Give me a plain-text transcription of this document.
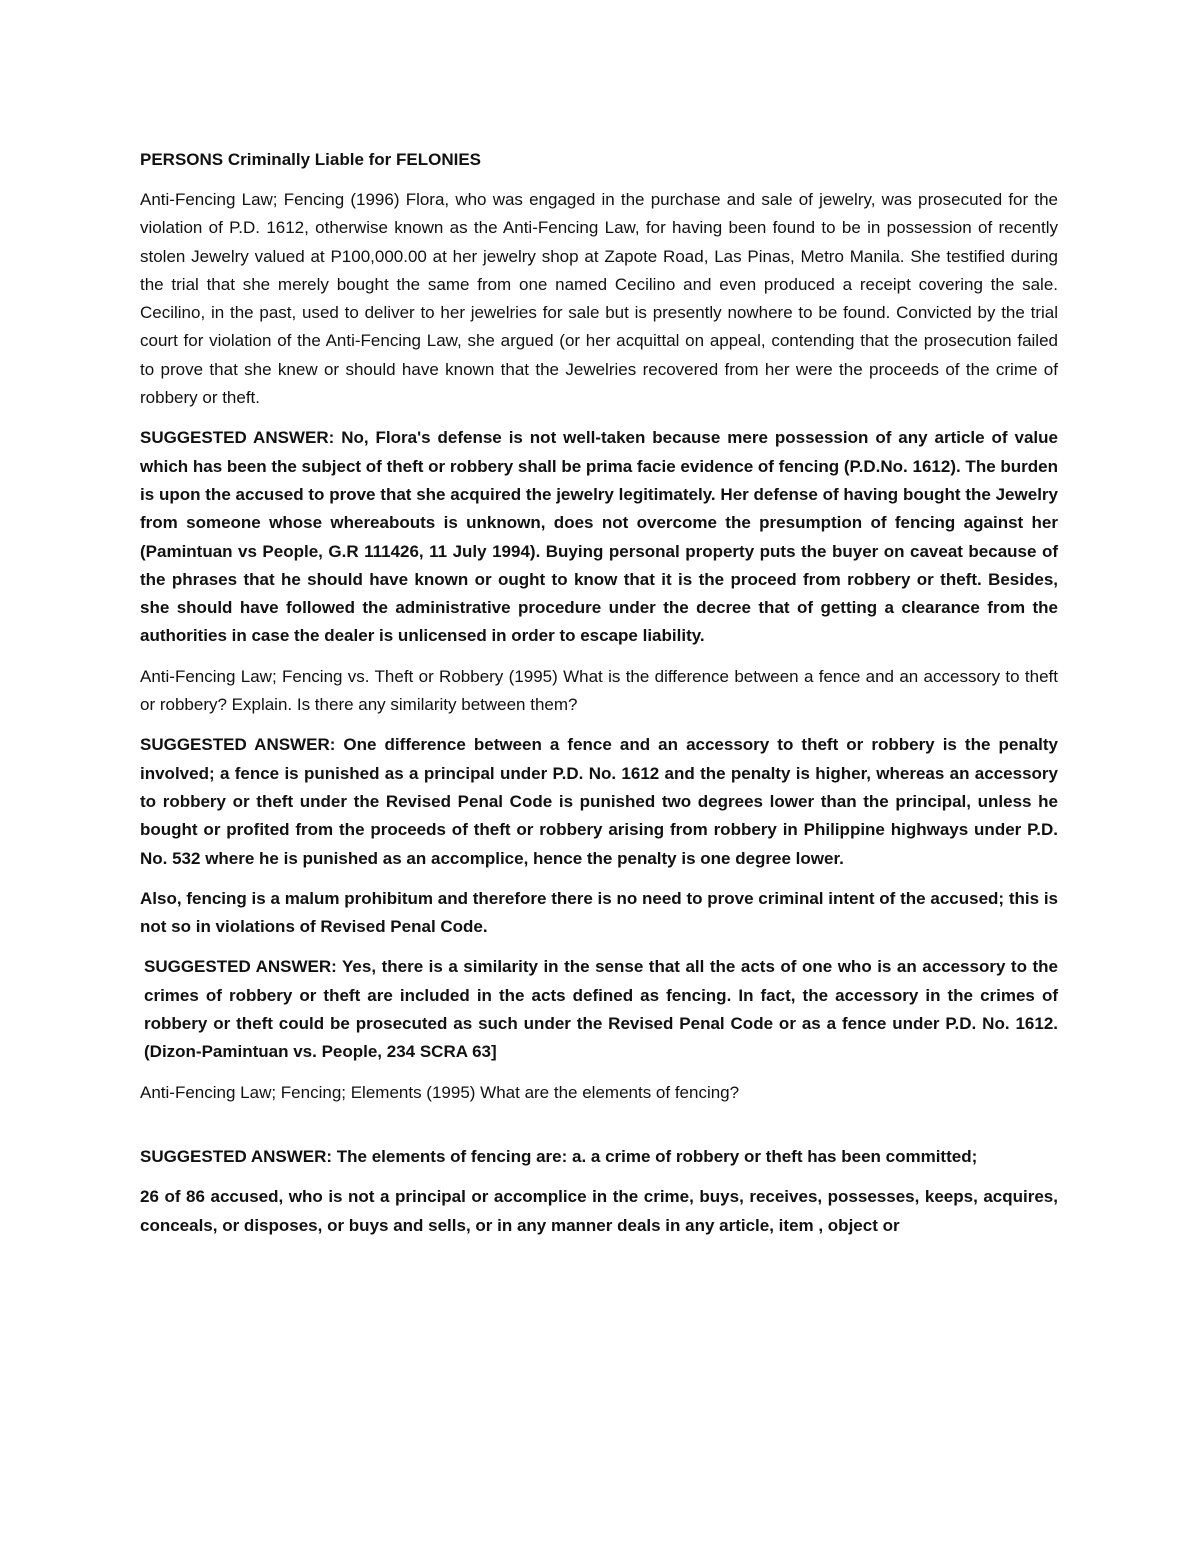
PERSONS Criminally Liable for FELONIES

Anti-Fencing Law; Fencing (1996) Flora, who was engaged in the purchase and sale of jewelry, was prosecuted for the violation of P.D. 1612, otherwise known as the Anti-Fencing Law, for having been found to be in possession of recently stolen Jewelry valued at P100,000.00 at her jewelry shop at Zapote Road, Las Pinas, Metro Manila. She testified during the trial that she merely bought the same from one named Cecilino and even produced a receipt covering the sale. Cecilino, in the past, used to deliver to her jewelries for sale but is presently nowhere to be found. Convicted by the trial court for violation of the Anti-Fencing Law, she argued (or her acquittal on appeal, contending that the prosecution failed to prove that she knew or should have known that the Jewelries recovered from her were the proceeds of the crime of robbery or theft.

SUGGESTED ANSWER: No, Flora's defense is not well-taken because mere possession of any article of value which has been the subject of theft or robbery shall be prima facie evidence of fencing (P.D.No. 1612). The burden is upon the accused to prove that she acquired the jewelry legitimately. Her defense of having bought the Jewelry from someone whose whereabouts is unknown, does not overcome the presumption of fencing against her (Pamintuan vs People, G.R 111426, 11 July 1994). Buying personal property puts the buyer on caveat because of the phrases that he should have known or ought to know that it is the proceed from robbery or theft. Besides, she should have followed the administrative procedure under the decree that of getting a clearance from the authorities in case the dealer is unlicensed in order to escape liability.

Anti-Fencing Law; Fencing vs. Theft or Robbery (1995) What is the difference between a fence and an accessory to theft or robbery? Explain. Is there any similarity between them?

SUGGESTED ANSWER: One difference between a fence and an accessory to theft or robbery is the penalty involved; a fence is punished as a principal under P.D. No. 1612 and the penalty is higher, whereas an accessory to robbery or theft under the Revised Penal Code is punished two degrees lower than the principal, unless he bought or profited from the proceeds of theft or robbery arising from robbery in Philippine highways under P.D. No. 532 where he is punished as an accomplice, hence the penalty is one degree lower.

Also, fencing is a malum prohibitum and therefore there is no need to prove criminal intent of the accused; this is not so in violations of Revised Penal Code.

SUGGESTED ANSWER: Yes, there is a similarity in the sense that all the acts of one who is an accessory to the crimes of robbery or theft are included in the acts defined as fencing. In fact, the accessory in the crimes of robbery or theft could be prosecuted as such under the Revised Penal Code or as a fence under P.D. No. 1612. (Dizon-Pamintuan vs. People, 234 SCRA 63]

Anti-Fencing Law; Fencing; Elements (1995) What are the elements of fencing?

SUGGESTED ANSWER: The elements of fencing are: a. a crime of robbery or theft has been committed;

26 of 86 accused, who is not a principal or accomplice in the crime, buys, receives, possesses, keeps, acquires, conceals, or disposes, or buys and sells, or in any manner deals in any article, item , object or
